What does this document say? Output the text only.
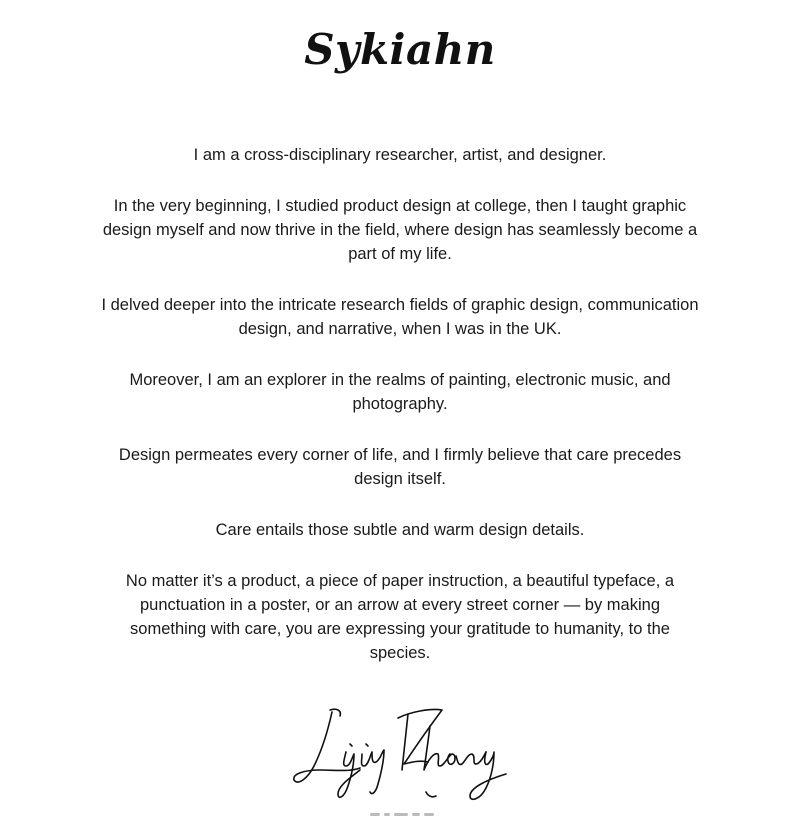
Sykiahn

I am a cross-disciplinary researcher, artist, and designer.

In the very beginning, I studied product design at college, then I taught graphic design myself and now thrive in the field, where design has seamlessly become a part of my life.

I delved deeper into the intricate research fields of graphic design, communication design, and narrative, when I was in the UK.

Moreover, I am an explorer in the realms of painting, electronic music, and photography.

Design permeates every corner of life, and I firmly believe that care precedes design itself.

Care entails those subtle and warm design details.

No matter it’s a product, a piece of paper instruction, a beautiful typeface, a punctuation in a poster, or an arrow at every street corner — by making something with care, you are expressing your gratitude to humanity, to the species.
